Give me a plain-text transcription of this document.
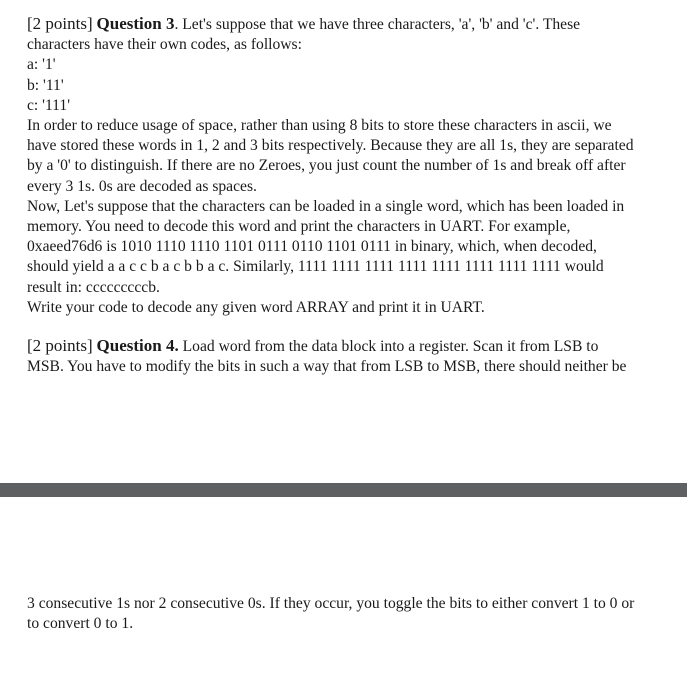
[2 points] Question 3. Let's suppose that we have three characters, 'a', 'b' and 'c'. These
characters have their own codes, as follows:
a: '1'
b: '11'
c: '111'
In order to reduce usage of space, rather than using 8 bits to store these characters in ascii, we
have stored these words in 1, 2 and 3 bits respectively. Because they are all 1s, they are separated
by a '0' to distinguish. If there are no Zeroes, you just count the number of 1s and break off after
every 3 1s. 0s are decoded as spaces.
Now, Let's suppose that the characters can be loaded in a single word, which has been loaded in
memory. You need to decode this word and print the characters in UART. For example,
0xaeed76d6 is 1010 1110 1110 1101 0111 0110 1101 0111 in binary, which, when decoded,
should yield a a c c b a c b b a c. Similarly, 1111 1111 1111 1111 1111 1111 1111 1111 would
result in: cccccccccb.
Write your code to decode any given word ARRAY and print it in UART.
[2 points] Question 4. Load word from the data block into a register. Scan it from LSB to
MSB. You have to modify the bits in such a way that from LSB to MSB, there should neither be
3 consecutive 1s nor 2 consecutive 0s. If they occur, you toggle the bits to either convert 1 to 0 or
to convert 0 to 1.
